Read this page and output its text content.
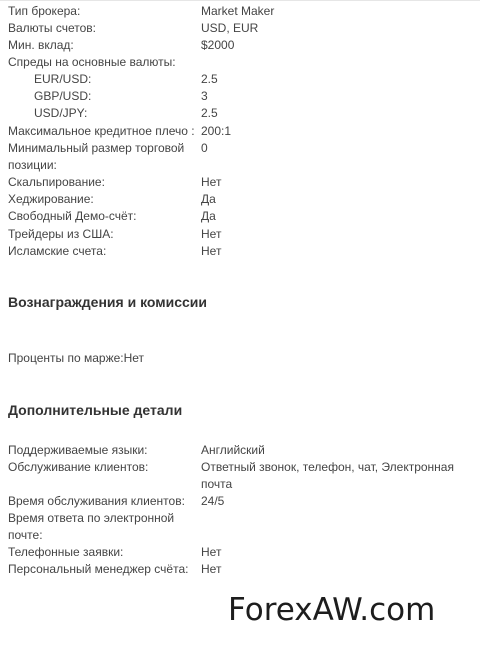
Тип брокера:	Market Maker
Валюты счетов:	USD, EUR
Мин. вклад:	$2000
Спреды на основные валюты:
EUR/USD:	2.5
GBP/USD:	3
USD/JPY:	2.5
Максимальное кредитное плечо : 200:1
Минимальный размер торговой позиции:
0
Скальпирование:	Нет
Хеджирование:	Да
Свободный Демо-счёт:	Да
Трейдеры из США:	Нет
Исламские счета:	Нет
Вознаграждения и комиссии
Проценты по марже:Нет
Дополнительные детали
Поддерживаемые языки:	Английский
Обслуживание клиентов:	Ответный звонок, телефон, чат, Электронная почта
Время обслуживания клиентов: 24/5
Время ответа по электронной почте:
Телефонные заявки:	Нет
Персональный менеджер счёта: Нет
ForexAW.com
